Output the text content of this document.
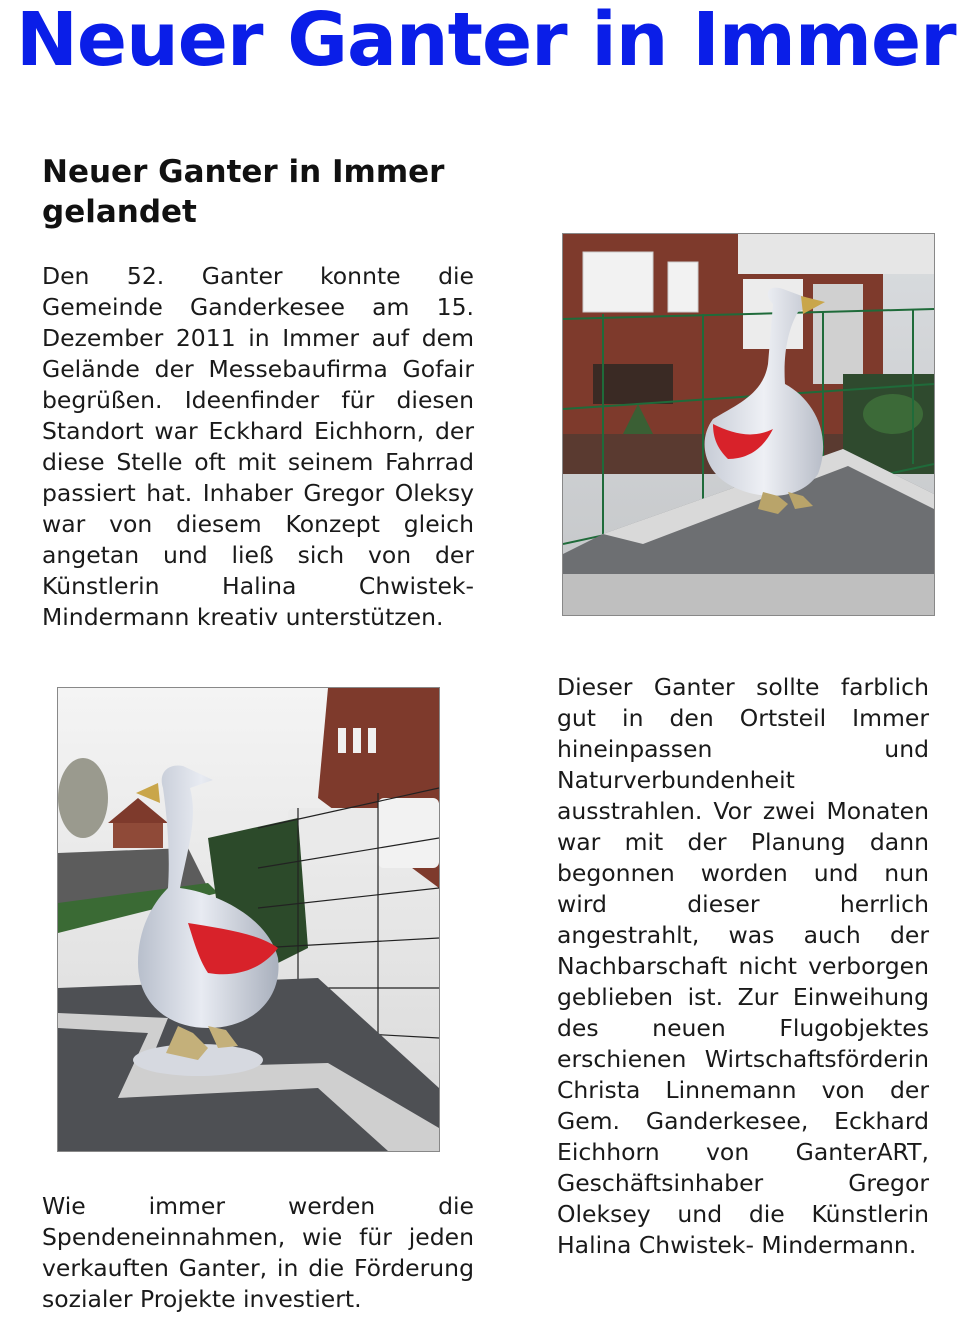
Neuer Ganter in Immer
Neuer Ganter in Immer gelandet
Den 52. Ganter konnte die Gemeinde Ganderkesee am 15. Dezember 2011 in Immer auf dem Gelände der Messebaufirma Gofair begrüßen. Ideenfinder für diesen Standort war Eckhard Eichhorn, der diese Stelle oft mit seinem Fahrrad passiert hat. Inhaber Gregor Oleksy war von diesem Konzept gleich angetan und ließ sich von der Künstlerin Halina Chwistek-Mindermann kreativ unterstützen.
Dieser Ganter sollte farblich gut in den Ortsteil Immer hineinpassen und Naturverbundenheit ausstrahlen. Vor zwei Monaten war mit der Planung dann begonnen worden und nun wird dieser herrlich angestrahlt, was auch der Nachbarschaft nicht verborgen geblieben ist. Zur Einweihung des neuen Flugobjektes erschienen Wirtschaftsförderin Christa Linnemann von der Gem. Ganderkesee, Eckhard Eichhorn von GanterART, Geschäftsinhaber Gregor Oleksey und die Künstlerin Halina Chwistek- Mindermann.
Wie immer werden die Spendeneinnahmen, wie für jeden verkauften Ganter, in die Förderung sozialer Projekte investiert.
